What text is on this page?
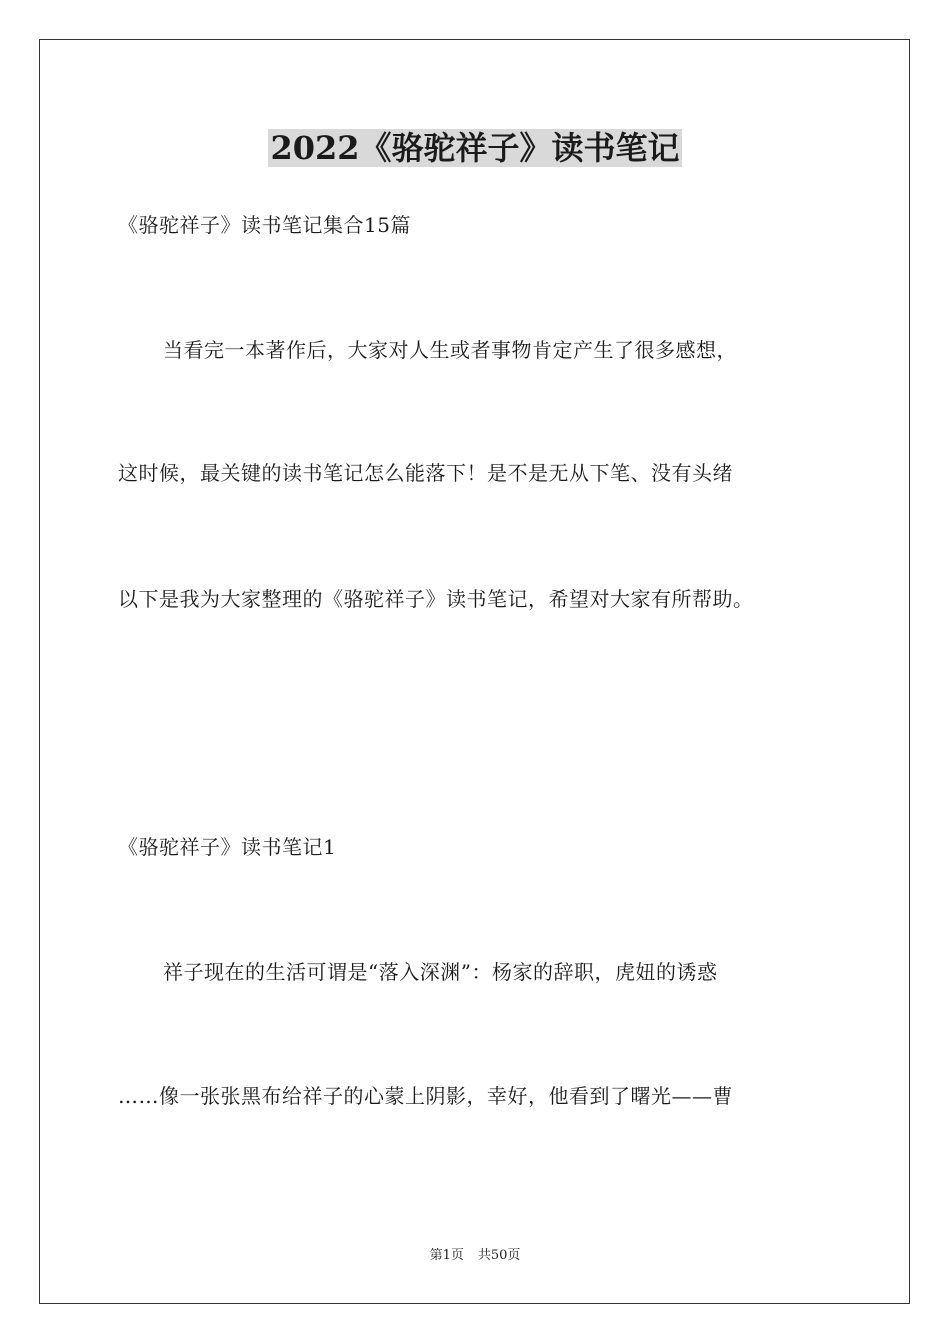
2022《骆驼祥子》读书笔记
《骆驼祥子》读书笔记集合15篇
当看完一本著作后，大家对人生或者事物肯定产生了很多感想，
这时候，最关键的读书笔记怎么能落下！是不是无从下笔、没有头绪
以下是我为大家整理的《骆驼祥子》读书笔记，希望对大家有所帮助。
《骆驼祥子》读书笔记1
祥子现在的生活可谓是“落入深渊”：杨家的辞职，虎妞的诱惑
……像一张张黑布给祥子的心蒙上阴影，幸好，他看到了曙光——曹
第1页 共50页
